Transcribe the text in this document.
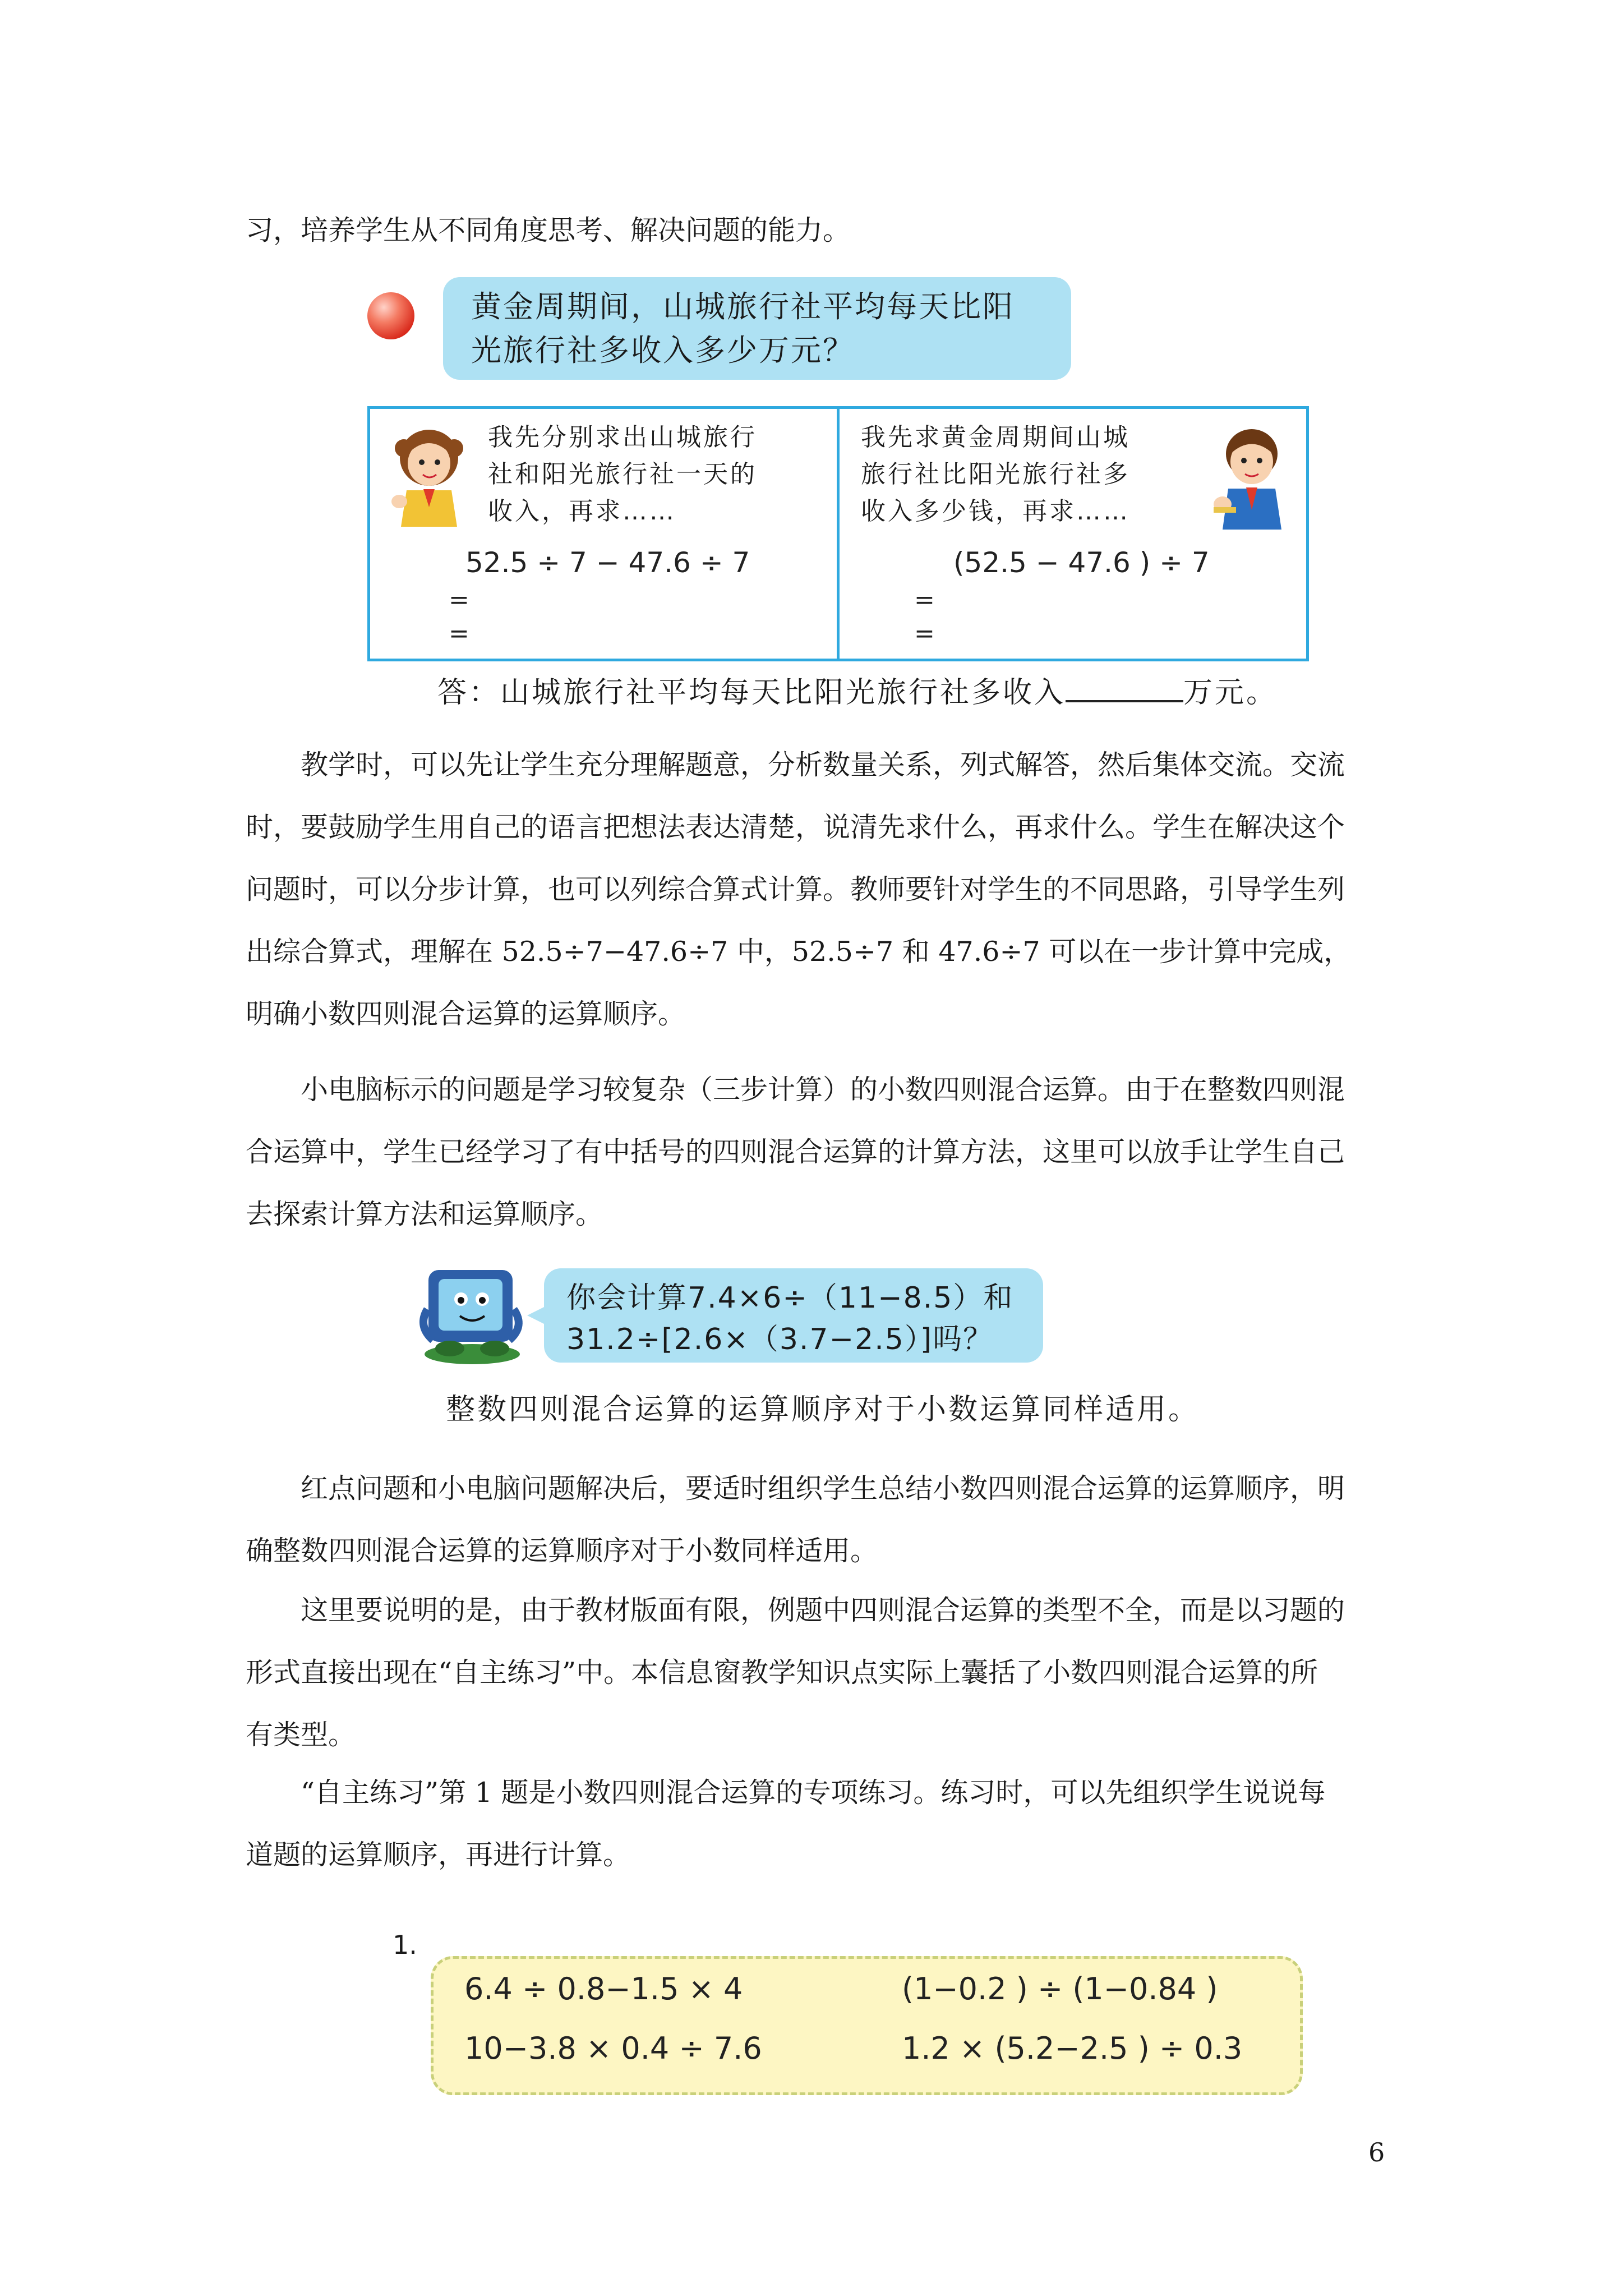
习，培养学生从不同角度思考、解决问题的能力。
黄金周期间，山城旅行社平均每天比阳
光旅行社多收入多少万元？
我先分别求出山城旅行
社和阳光旅行社一天的
收入，再求……
52.5 ÷ 7 − 47.6 ÷ 7
=
=
我先求黄金周期间山城
旅行社比阳光旅行社多
收入多少钱，再求……
(52.5 − 47.6 ) ÷ 7
=
=
答：山城旅行社平均每天比阳光旅行社多收入	万元。
教学时，可以先让学生充分理解题意，分析数量关系，列式解答，然后集体交流。交流
时，要鼓励学生用自己的语言把想法表达清楚，说清先求什么，再求什么。学生在解决这个
问题时，可以分步计算，也可以列综合算式计算。教师要针对学生的不同思路，引导学生列
出综合算式，理解在 52.5÷7−47.6÷7 中，52.5÷7 和 47.6÷7 可以在一步计算中完成，
明确小数四则混合运算的运算顺序。
小电脑标示的问题是学习较复杂（三步计算）的小数四则混合运算。由于在整数四则混
合运算中，学生已经学习了有中括号的四则混合运算的计算方法，这里可以放手让学生自己
去探索计算方法和运算顺序。
你会计算7.4×6÷（11−8.5）和
31.2÷[2.6×（3.7−2.5）]吗？
整数四则混合运算的运算顺序对于小数运算同样适用。
红点问题和小电脑问题解决后，要适时组织学生总结小数四则混合运算的运算顺序，明
确整数四则混合运算的运算顺序对于小数同样适用。
这里要说明的是，由于教材版面有限，例题中四则混合运算的类型不全，而是以习题的
形式直接出现在“自主练习”中。本信息窗教学知识点实际上囊括了小数四则混合运算的所
有类型。
“自主练习”第 1 题是小数四则混合运算的专项练习。练习时，可以先组织学生说说每
道题的运算顺序，再进行计算。
1.
6.4 ÷ 0.8−1.5 × 4	(1−0.2 ) ÷ (1−0.84 )
10−3.8 × 0.4 ÷ 7.6	1.2 × (5.2−2.5 ) ÷ 0.3
6
